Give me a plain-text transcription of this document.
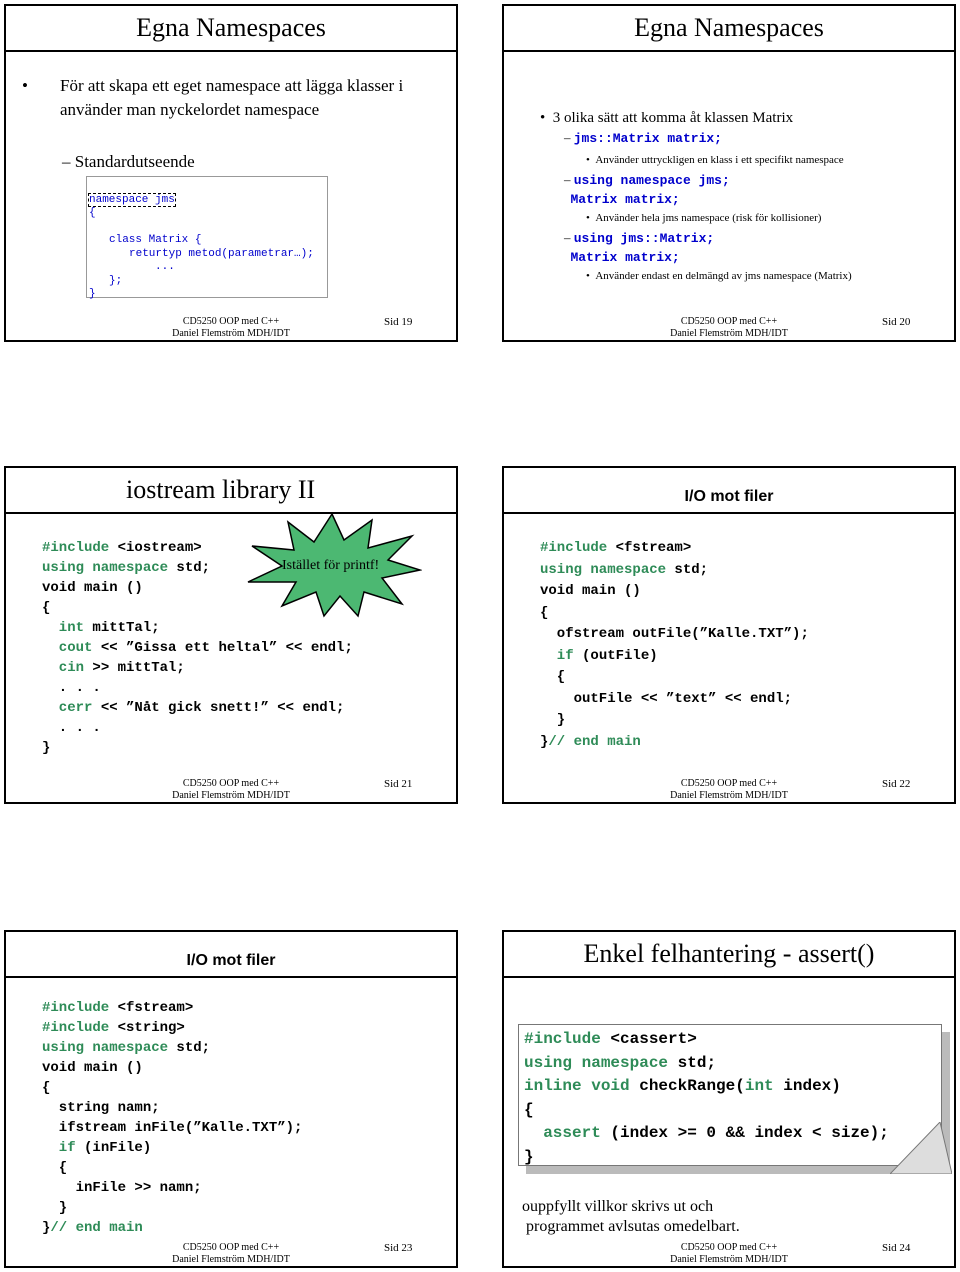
Egna Namespaces
• För att skapa ett eget namespace att lägga klasser i använder man nyckelordet namespace
– Standardutseende

namespace jms
{

class Matrix {
returtyp metod(parametrar…);
...
};
}
CD5250 OOP med C++
Daniel Flemström MDH/IDT
Sid 19
Egna Namespaces
•  3 olika sätt att komma åt klassen Matrix
– jms::Matrix matrix;
•  Använder uttryckligen en klass i ett specifikt namespace
– using namespace jms;
Matrix matrix;
•  Använder hela jms namespace (risk för kollisioner)
– using jms::Matrix;
Matrix matrix;
•  Använder endast en delmängd av jms namespace (Matrix)
CD5250 OOP med C++
Daniel Flemström MDH/IDT
Sid 20
iostream library II
#include <iostream>
using namespace std;
void main ()
{
int mittTal;
cout << ”Gissa ett heltal” << endl;
cin >> mittTal;
. . .
cerr << ”Nåt gick snett!” << endl;
. . .
}
Istället för printf!
CD5250 OOP med C++
Daniel Flemström MDH/IDT
Sid 21
I/O mot filer
#include <fstream>
using namespace std;
void main ()
{
ofstream outFile(”Kalle.TXT”);
if (outFile)
{
outFile << ”text” << endl;
}
}// end main
CD5250 OOP med C++
Daniel Flemström MDH/IDT
Sid 22
I/O mot filer
#include <fstream>
#include <string>
using namespace std;
void main ()
{
string namn;
ifstream inFile(”Kalle.TXT”);
if (inFile)
{
inFile >> namn;
}
}// end main
CD5250 OOP med C++
Daniel Flemström MDH/IDT
Sid 23
Enkel felhantering - assert()
#include <cassert>
using namespace std;
inline void checkRange(int index)
{
assert (index >= 0 && index < size);
}
ouppfyllt villkor skrivs ut och
programmet avlsutas omedelbart.
CD5250 OOP med C++
Daniel Flemström MDH/IDT
Sid 24
